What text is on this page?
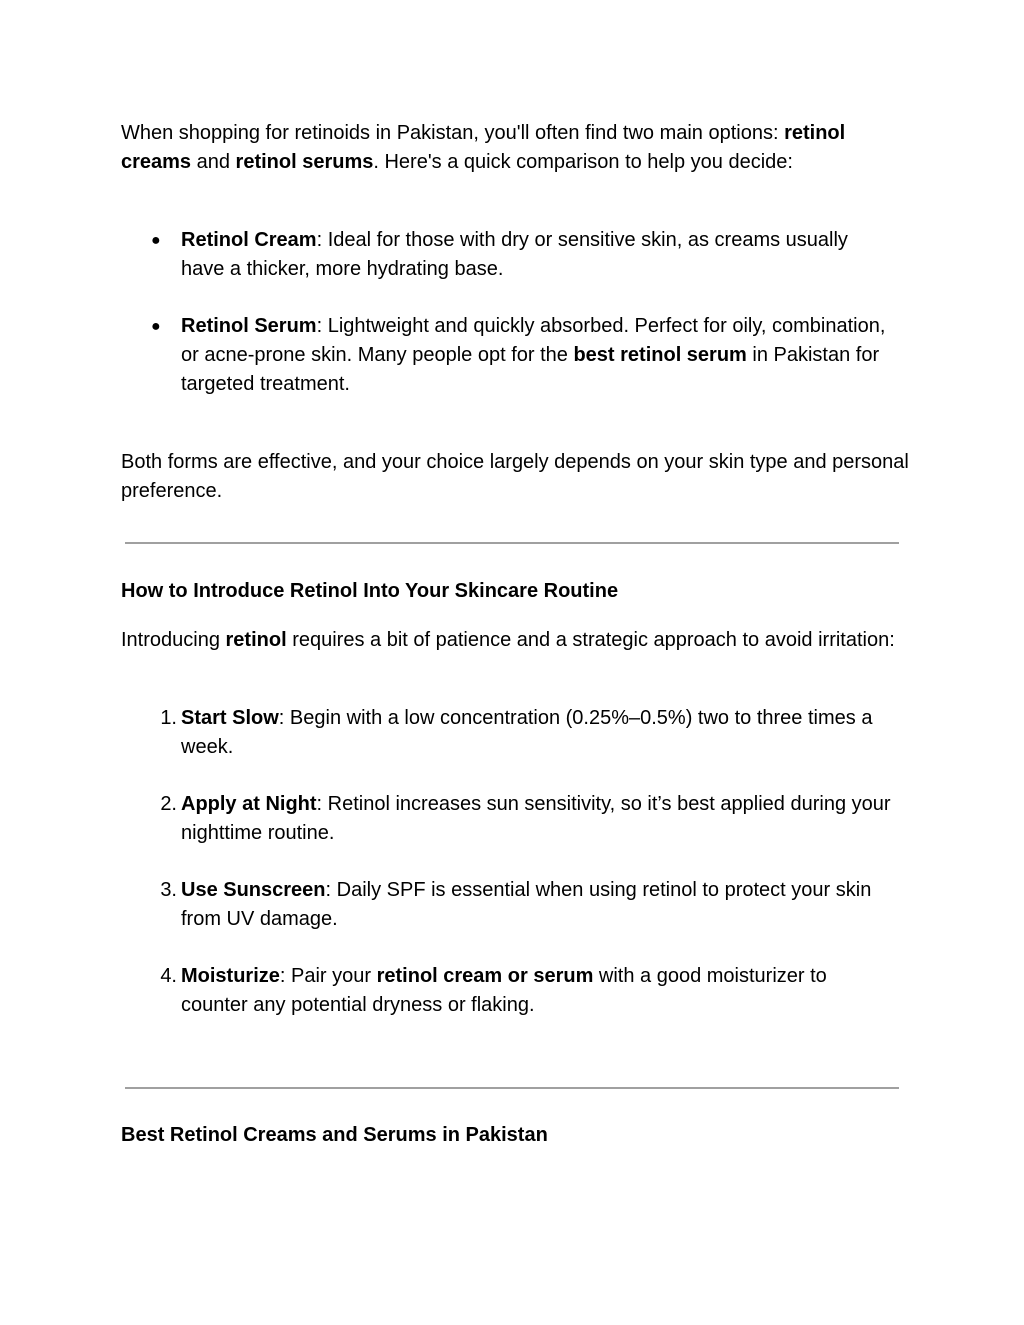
When shopping for retinoids in Pakistan, you'll often find two main options: retinol creams and retinol serums. Here's a quick comparison to help you decide:

●	Retinol Cream: Ideal for those with dry or sensitive skin, as creams usually have a thicker, more hydrating base.
●	Retinol Serum: Lightweight and quickly absorbed. Perfect for oily, combination, or acne-prone skin. Many people opt for the best retinol serum in Pakistan for targeted treatment.

Both forms are effective, and your choice largely depends on your skin type and personal preference.

How to Introduce Retinol Into Your Skincare Routine

Introducing retinol requires a bit of patience and a strategic approach to avoid irritation:

1. Start Slow: Begin with a low concentration (0.25%–0.5%) two to three times a week.
2. Apply at Night: Retinol increases sun sensitivity, so it’s best applied during your nighttime routine.
3. Use Sunscreen: Daily SPF is essential when using retinol to protect your skin from UV damage.
4. Moisturize: Pair your retinol cream or serum with a good moisturizer to counter any potential dryness or flaking.
Best Retinol Creams and Serums in Pakistan
